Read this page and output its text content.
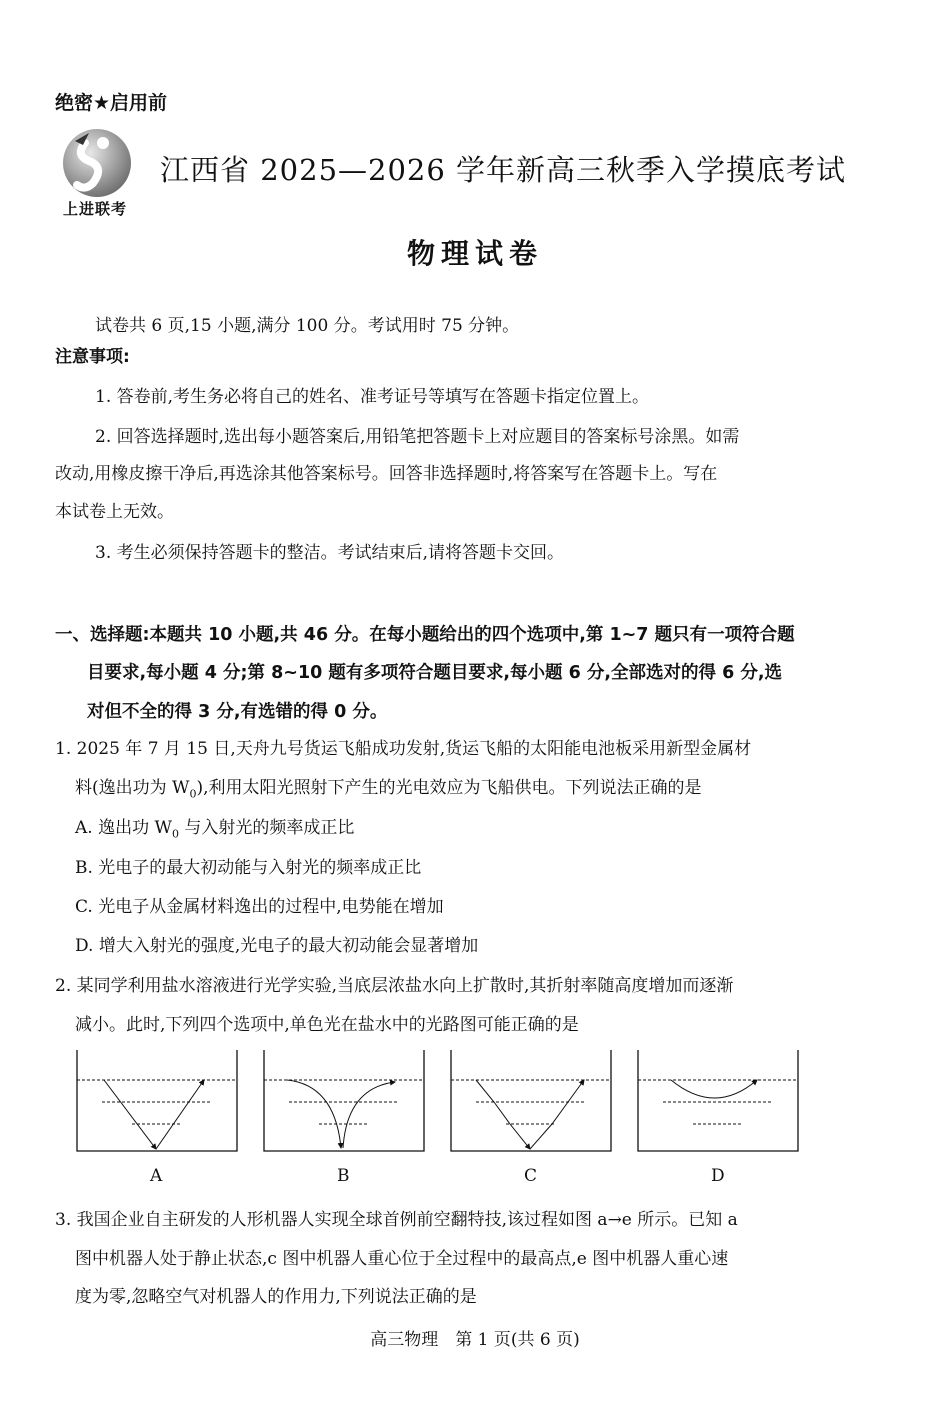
绝密★启用前
上进联考
江西省 2025—2026 学年新高三秋季入学摸底考试
物理试卷
试卷共 6 页,15 小题,满分 100 分。考试用时 75 分钟。
注意事项:
1. 答卷前,考生务必将自己的姓名、准考证号等填写在答题卡指定位置上。
2. 回答选择题时,选出每小题答案后,用铅笔把答题卡上对应题目的答案标号涂黑。如需
改动,用橡皮擦干净后,再选涂其他答案标号。回答非选择题时,将答案写在答题卡上。写在
本试卷上无效。
3. 考生必须保持答题卡的整洁。考试结束后,请将答题卡交回。
一、选择题:本题共 10 小题,共 46 分。在每小题给出的四个选项中,第 1~7 题只有一项符合题
目要求,每小题 4 分;第 8~10 题有多项符合题目要求,每小题 6 分,全部选对的得 6 分,选
对但不全的得 3 分,有选错的得 0 分。
1. 2025 年 7 月 15 日,天舟九号货运飞船成功发射,货运飞船的太阳能电池板采用新型金属材
料(逸出功为 $W_0$),利用太阳光照射下产生的光电效应为飞船供电。下列说法正确的是
A. 逸出功 $W_0$ 与入射光的频率成正比
B. 光电子的最大初动能与入射光的频率成正比
C. 光电子从金属材料逸出的过程中,电势能在增加
D. 增大入射光的强度,光电子的最大初动能会显著增加
2. 某同学利用盐水溶液进行光学实验,当底层浓盐水向上扩散时,其折射率随高度增加而逐渐
减小。此时,下列四个选项中,单色光在盐水中的光路图可能正确的是
A	B	C	D
3. 我国企业自主研发的人形机器人实现全球首例前空翻特技,该过程如图 a→e 所示。已知 a
图中机器人处于静止状态,c 图中机器人重心位于全过程中的最高点,e 图中机器人重心速
度为零,忽略空气对机器人的作用力,下列说法正确的是
高三物理　第 1 页(共 6 页)
